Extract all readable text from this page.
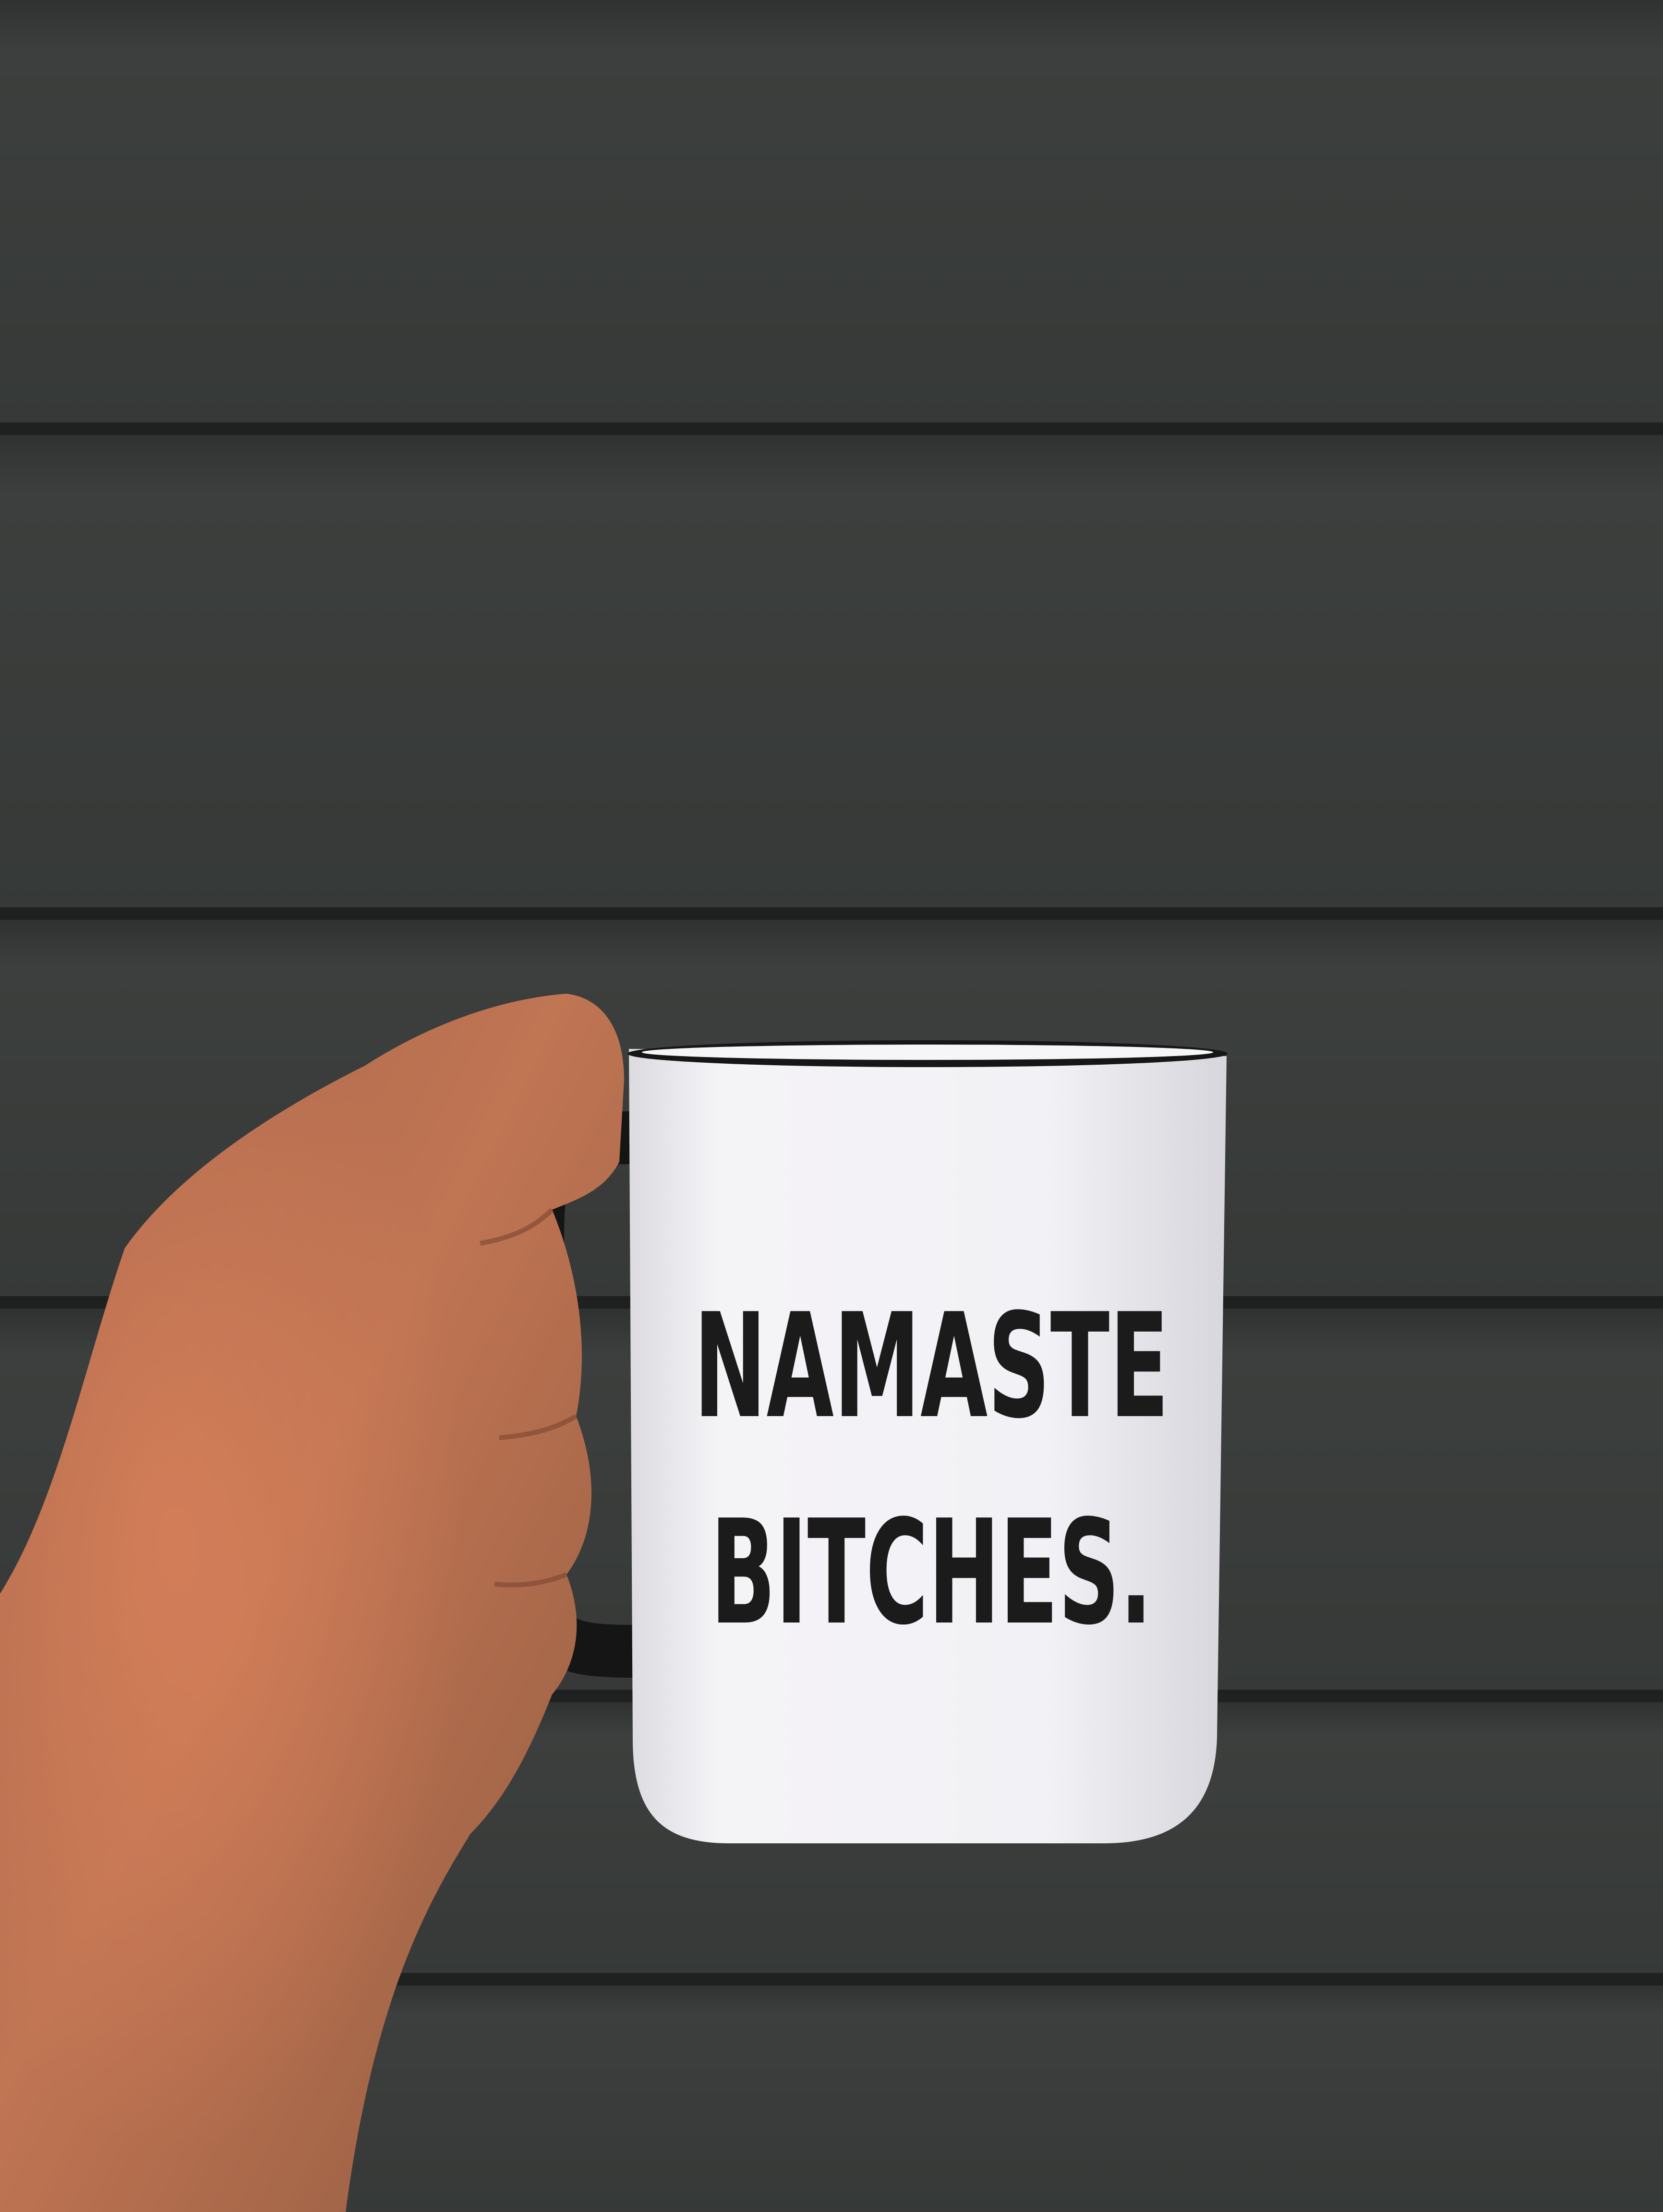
NAMASTE
BITCHES.
